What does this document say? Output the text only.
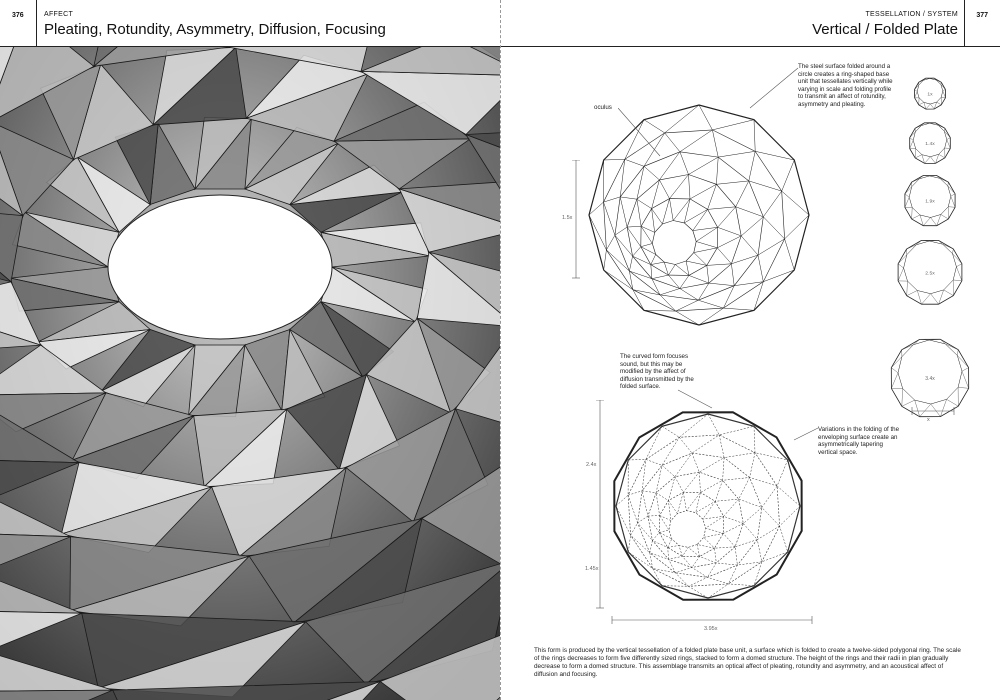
376	AFFECT
Pleating, Rotundity, Asymmetry, Diffusion, Focusing
TESSELLATION / SYSTEM
Vertical / Folded Plate
377
1.5x
oculus
The steel surface folded around a circle creates a ring-shaped base unit that tessellates vertically while varying in scale and folding profile to transmit an affect of rotundity, asymmetry and pleating.
1x
1.4x
1.9x
2.5x
3.4x
x
The curved form focuses sound, but this may be modified by the affect of diffusion transmitted by the folded surface.
Variations in the folding of the enveloping surface create an asymmetrically tapering vertical space.
2.4x
1.45x
3.95x

This form is produced by the vertical tessellation of a folded plate base unit, a surface which is folded to create a twelve-sided polygonal ring. The scale of the rings decreases to form five differently sized rings, stacked to form a domed structure. The height of the rings and their radii in plan gradually decrease to form a domed structure. This assemblage transmits an optical affect of pleating, rotundity and asymmetry, and an acoustical affect of diffusion and focusing.
